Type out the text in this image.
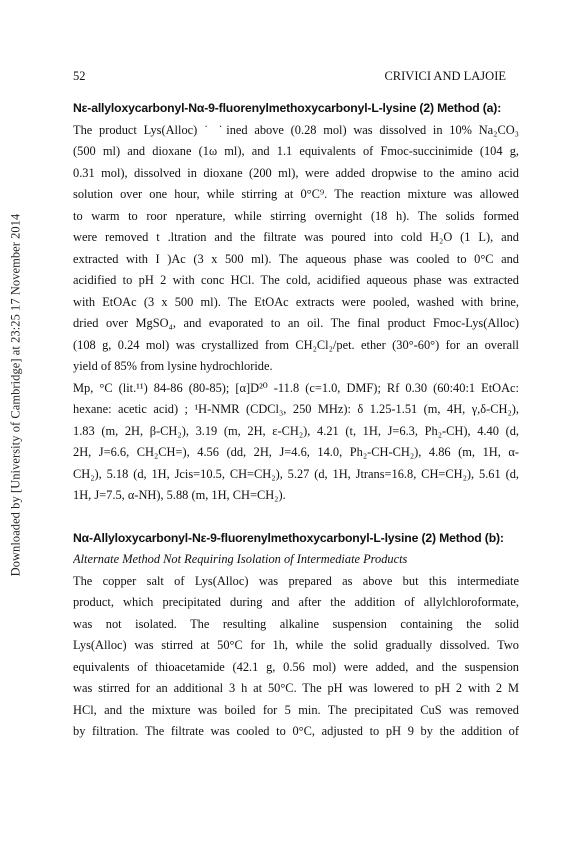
Downloaded by [University of Cambridge] at 23:25 17 November 2014
52	CRIVICI AND LAJOIE
Nε-allyloxycarbonyl-Nα-9-fluorenylmethoxycarbonyl-L-lysine (2) Method (a):
The product Lys(Alloc) ˙ ˙ined above (0.28 mol) was dissolved in 10% Na₂CO₃
(500 ml) and dioxane (1ω ml), and 1.1 equivalents of Fmoc-succinimide (104 g,
0.31 mol), dissolved in dioxane (200 ml), were added dropwise to the amino acid
solution over one hour, while stirring at 0°C⁹. The reaction mixture was allowed
to warm to roor nperature, while stirring overnight (18 h). The solids formed
were removed t .ltration and the filtrate was poured into cold H₂O (1 L), and
extracted with I )Ac (3 x 500 ml). The aqueous phase was cooled to 0°C and
acidified to pH 2 with conc HCl. The cold, acidified aqueous phase was extracted
with EtOAc (3 x 500 ml). The EtOAc extracts were pooled, washed with brine,
dried over MgSO₄, and evaporated to an oil. The final product Fmoc-Lys(Alloc)
(108 g, 0.24 mol) was crystallized from CH₂Cl₂/pet. ether (30°-60°) for an overall
yield of 85% from lysine hydrochloride.
Mp, °C (lit.¹¹) 84-86 (80-85); [α]D²⁰ -11.8 (c=1.0, DMF); Rf 0.30 (60:40:1 EtOAc:
hexane: acetic acid) ; ¹H-NMR (CDCl₃, 250 MHz): δ 1.25-1.51 (m, 4H, γ,δ-CH₂),
1.83 (m, 2H, β-CH₂), 3.19 (m, 2H, ε-CH₂), 4.21 (t, 1H, J=6.3, Ph₂-CH), 4.40 (d,
2H, J=6.6, CH₂CH=), 4.56 (dd, 2H, J=4.6, 14.0, Ph₂-CH-CH₂), 4.86 (m, 1H, α-
CH₂), 5.18 (d, 1H, Jcis=10.5, CH=CH₂), 5.27 (d, 1H, Jtrans=16.8, CH=CH₂), 5.61 (d,
1H, J=7.5, α-NH), 5.88 (m, 1H, CH=CH₂).
Nα-Allyloxycarbonyl-Nε-9-fluorenylmethoxycarbonyl-L-lysine (2) Method (b):
Alternate Method Not Requiring Isolation of Intermediate Products
The copper salt of Lys(Alloc) was prepared as above but this intermediate
product, which precipitated during and after the addition of allylchloroformate,
was not isolated. The resulting alkaline suspension containing the solid
Lys(Alloc) was stirred at 50°C for 1h, while the solid gradually dissolved. Two
equivalents of thioacetamide (42.1 g, 0.56 mol) were added, and the suspension
was stirred for an additional 3 h at 50°C. The pH was lowered to pH 2 with 2 M
HCl, and the mixture was boiled for 5 min. The precipitated CuS was removed
by filtration. The filtrate was cooled to 0°C, adjusted to pH 9 by the addition of
